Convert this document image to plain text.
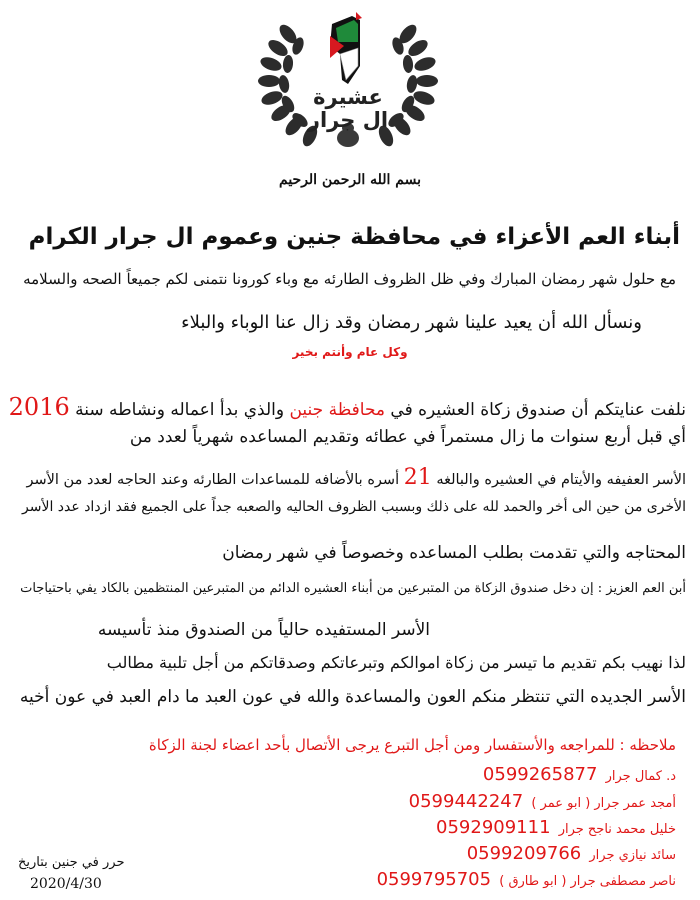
عشيرة
ال جرار
بسم الله الرحمن الرحيم
أبناء العم الأعزاء في محافظة جنين وعموم ال جرار الكرام
مع حلول شهر رمضان المبارك وفي ظل الظروف الطارئه مع وباء كورونا نتمنى لكم جميعاً الصحه والسلامه
ونسأل الله أن يعيد علينا شهر رمضان وقد زال عنا الوباء والبلاء
وكل عام وأنتم بخير
نلفت عنايتكم أن صندوق زكاة العشيره في محافظة جنين والذي بدأ اعماله ونشاطه سنة 2016
أي قبل أربع سنوات ما زال مستمراً في عطائه وتقديم المساعده شهرياً لعدد من
الأسر العفيفه والأيتام في العشيره والبالغه 21 أسره بالأضافه للمساعدات الطارئه وعند الحاجه لعدد من الأسر
الأخرى من حين الى أخر والحمد لله على ذلك وبسبب الظروف الحاليه والصعبه جداً على الجميع فقد ازداد عدد الأسر
المحتاجه والتي تقدمت بطلب المساعده وخصوصاً في شهر رمضان
أبن العم العزيز : إن دخل صندوق الزكاة من المتبرعين من أبناء العشيره الدائم من المتبرعين المنتظمين بالكاد يفي باحتياجات
الأسر المستفيده حالياً من الصندوق منذ تأسيسه
لذا نهيب بكم تقديم ما تيسر من زكاة اموالكم وتبرعاتكم وصدقاتكم من أجل تلبية مطالب
الأسر الجديده التي تنتظر منكم العون والمساعدة والله في عون العبد ما دام العبد في عون أخيه
ملاحظه : للمراجعه والأستفسار ومن أجل التبرع يرجى الأتصال بأحد اعضاء لجنة الزكاة
د. كمال جرار 0599265877
أمجد عمر جرار ( ابو عمر ) 0599442247
خليل محمد ناجح جرار 0592909111
سائد نيازي جرار 0599209766
ناصر مصطفى جرار ( ابو طارق ) 0599795705
حرر في جنين بتاريخ
2020/4/30
